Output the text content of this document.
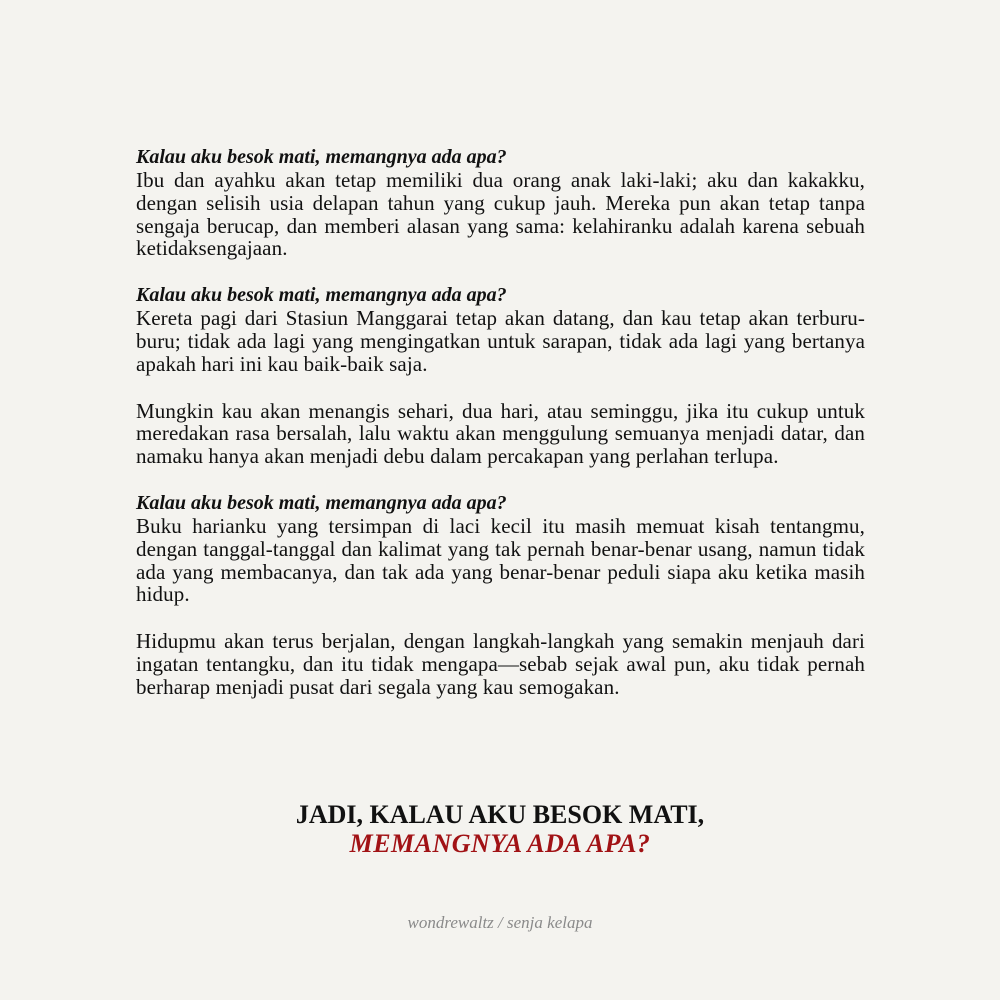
Kalau aku besok mati, memangnya ada apa?
Ibu dan ayahku akan tetap memiliki dua orang anak laki-laki; aku dan kakakku, dengan selisih usia delapan tahun yang cukup jauh. Mereka pun akan tetap tanpa sengaja berucap, dan memberi alasan yang sama: kelahiranku adalah karena sebuah ketidaksengajaan.
Kalau aku besok mati, memangnya ada apa?
Kereta pagi dari Stasiun Manggarai tetap akan datang, dan kau tetap akan terburu-buru; tidak ada lagi yang mengingatkan untuk sarapan, tidak ada lagi yang bertanya apakah hari ini kau baik-baik saja.
Mungkin kau akan menangis sehari, dua hari, atau seminggu, jika itu cukup untuk meredakan rasa bersalah, lalu waktu akan menggulung semuanya menjadi datar, dan namaku hanya akan menjadi debu dalam percakapan yang perlahan terlupa.
Kalau aku besok mati, memangnya ada apa?
Buku harianku yang tersimpan di laci kecil itu masih memuat kisah tentangmu, dengan tanggal-tanggal dan kalimat yang tak pernah benar-benar usang, namun tidak ada yang membacanya, dan tak ada yang benar-benar peduli siapa aku ketika masih hidup.
Hidupmu akan terus berjalan, dengan langkah-langkah yang semakin menjauh dari ingatan tentangku, dan itu tidak mengapa—sebab sejak awal pun, aku tidak pernah berharap menjadi pusat dari segala yang kau semogakan.
JADI, KALAU AKU BESOK MATI,
MEMANGNYA ADA APA?
wondrewaltz / senja kelapa
